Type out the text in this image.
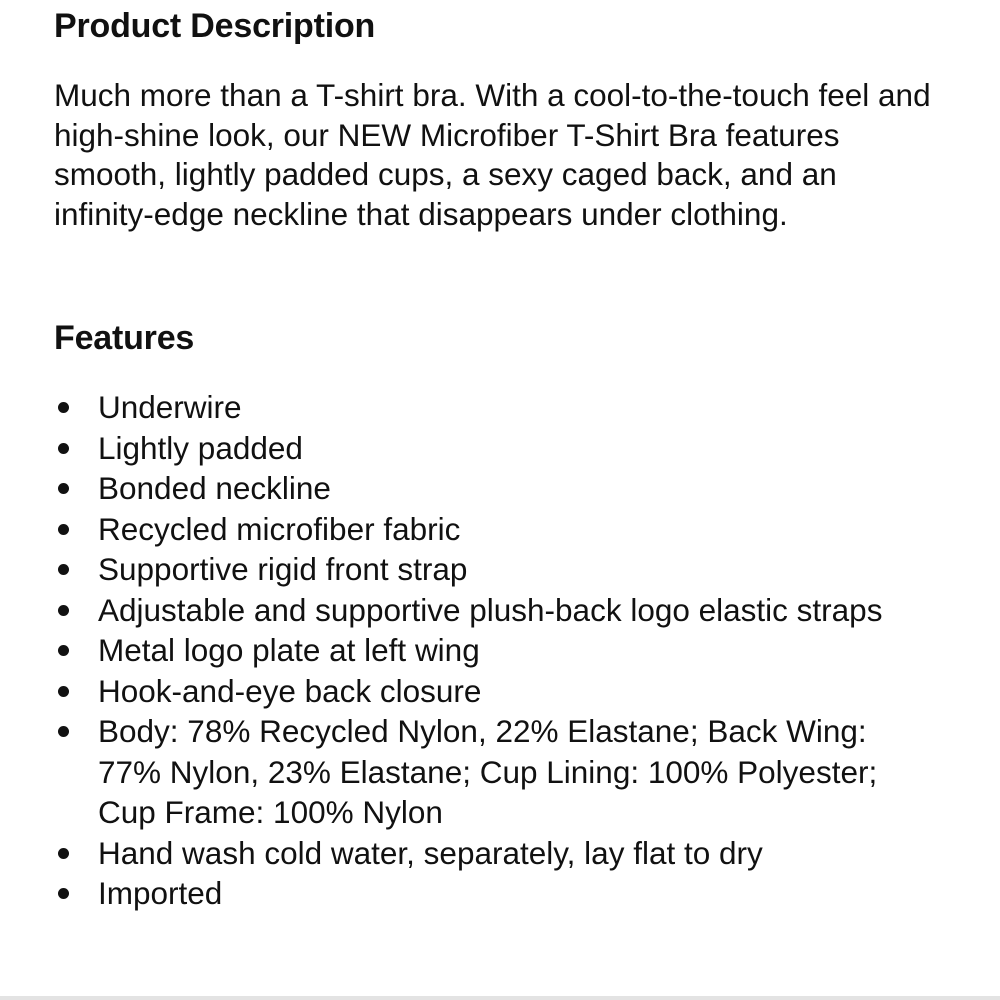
Product Description

Much more than a T-shirt bra. With a cool-to-the-touch feel and high-shine look, our NEW Microfiber T-Shirt Bra features smooth, lightly padded cups, a sexy caged back, and an infinity-edge neckline that disappears under clothing.

Features
Underwire
Lightly padded
Bonded neckline
Recycled microfiber fabric
Supportive rigid front strap
Adjustable and supportive plush-back logo elastic straps
Metal logo plate at left wing
Hook-and-eye back closure
Body: 78% Recycled Nylon, 22% Elastane; Back Wing: 77% Nylon, 23% Elastane; Cup Lining: 100% Polyester; Cup Frame: 100% Nylon
Hand wash cold water, separately, lay flat to dry
Imported
